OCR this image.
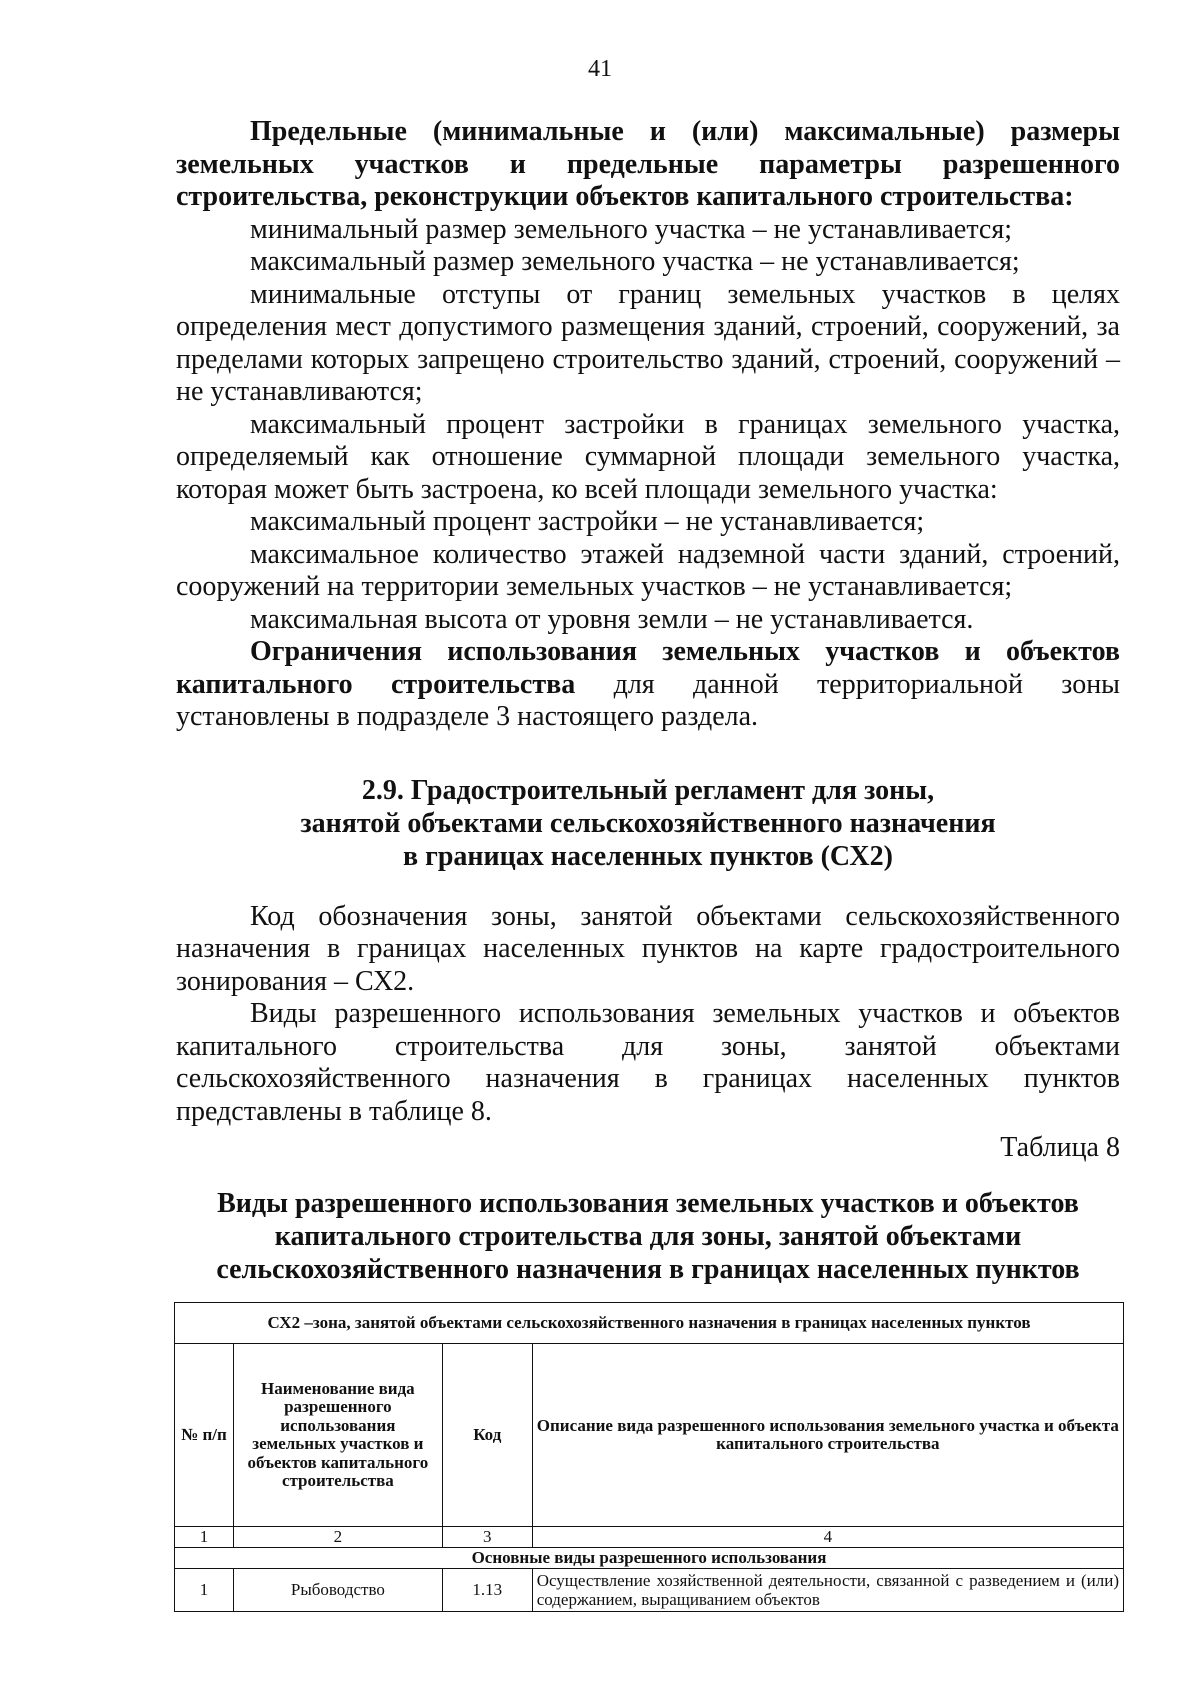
41

Предельные (минимальные и (или) максимальные) размеры земельных участков и предельные параметры разрешенного строительства, реконструкции объектов капитального строительства:

минимальный размер земельного участка – не устанавливается;

максимальный размер земельного участка – не устанавливается;

минимальные отступы от границ земельных участков в целях определения мест допустимого размещения зданий, строений, сооружений, за пределами которых запрещено строительство зданий, строений, сооружений – не устанавливаются;

максимальный процент застройки в границах земельного участка, определяемый как отношение суммарной площади земельного участка, которая может быть застроена, ко всей площади земельного участка:

максимальный процент застройки – не устанавливается;

максимальное количество этажей надземной части зданий, строений, сооружений на территории земельных участков – не устанавливается;

максимальная высота от уровня земли – не устанавливается.

Ограничения использования земельных участков и объектов капитального строительства для данной территориальной зоны установлены в подразделе 3 настоящего раздела.

2.9. Градостроительный регламент для зоны,
занятой объектами сельскохозяйственного назначения
в границах населенных пунктов (СХ2)

Код обозначения зоны, занятой объектами сельскохозяйственного назначения в границах населенных пунктов на карте градостроительного зонирования – СХ2.

Виды разрешенного использования земельных участков и объектов капитального строительства для зоны, занятой объектами сельскохозяйственного назначения в границах населенных пунктов представлены в таблице 8.

Таблица 8
Виды разрешенного использования земельных участков и объектов
капитального строительства для зоны, занятой объектами
сельскохозяйственного назначения в границах населенных пунктов
СХ2 –зона, занятой объектами сельскохозяйственного назначения в границах населенных пунктов			
№ п/п	Наименование вида разрешенного использования земельных участков и объектов капитального строительства	Код	Описание вида разрешенного использования земельного участка и объекта капитального строительства
1	2	3	4
Основные виды разрешенного использования			
1	Рыбоводство	1.13	Осуществление хозяйственной деятельности, связанной с разведением и (или) содержанием, выращиванием объектов
